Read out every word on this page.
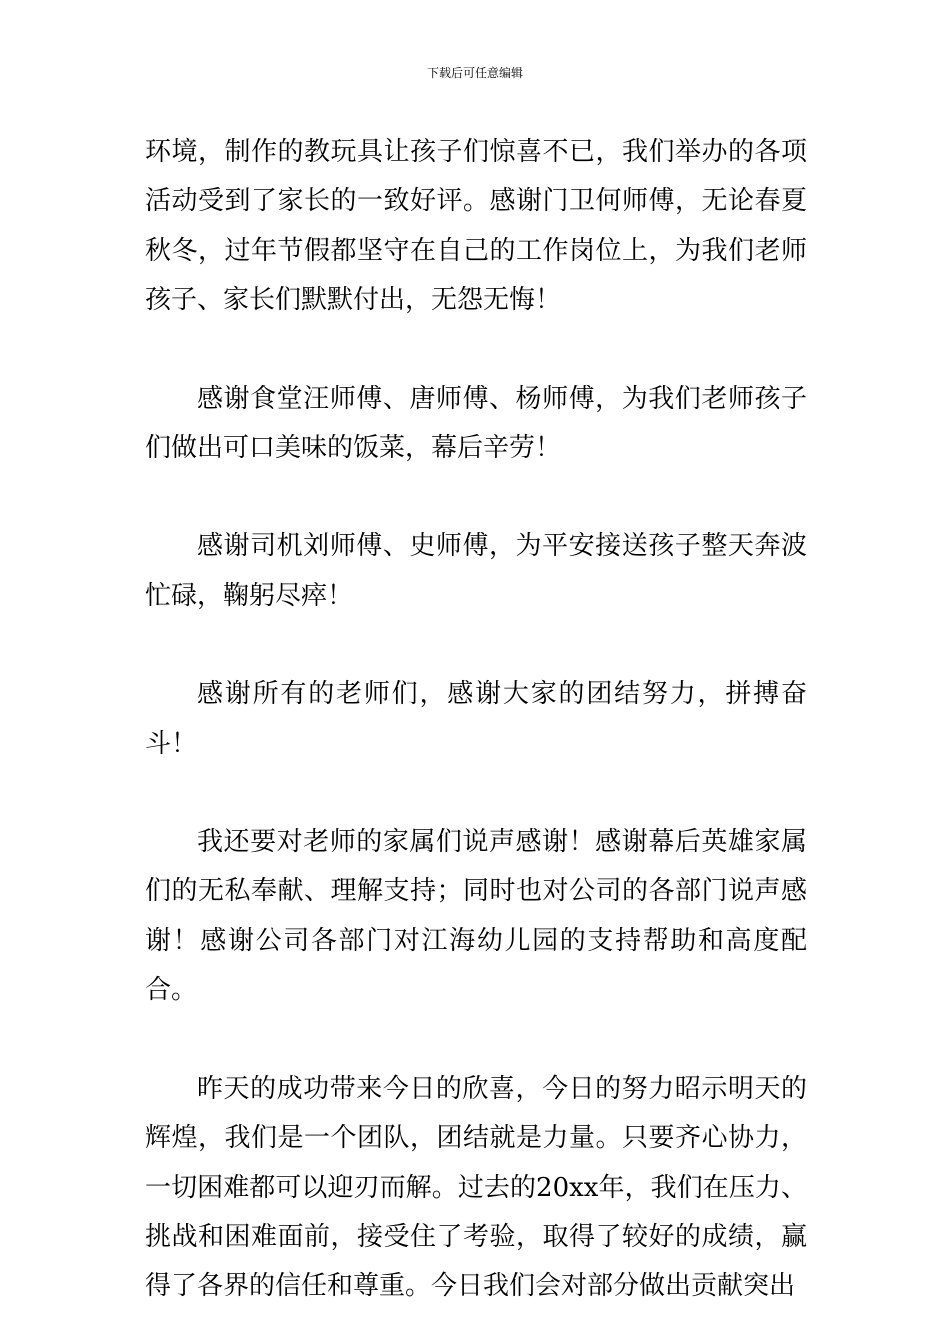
下载后可任意编辑

环境，制作的教玩具让孩子们惊喜不已，我们举办的各项活动受到了家长的一致好评。感谢门卫何师傅，无论春夏秋冬，过年节假都坚守在自己的工作岗位上，为我们老师孩子、家长们默默付出，无怨无悔！

感谢食堂汪师傅、唐师傅、杨师傅，为我们老师孩子们做出可口美味的饭菜，幕后辛劳！

感谢司机刘师傅、史师傅，为平安接送孩子整天奔波忙碌，鞠躬尽瘁！

感谢所有的老师们，感谢大家的团结努力，拼搏奋斗！

我还要对老师的家属们说声感谢！感谢幕后英雄家属们的无私奉献、理解支持；同时也对公司的各部门说声感谢！感谢公司各部门对江海幼儿园的支持帮助和高度配合。

昨天的成功带来今日的欣喜，今日的努力昭示明天的辉煌，我们是一个团队，团结就是力量。只要齐心协力，一切困难都可以迎刃而解。过去的20xx年，我们在压力、挑战和困难面前，接受住了考验，取得了较好的成绩，赢得了各界的信任和尊重。今日我们会对部分做出贡献突出
